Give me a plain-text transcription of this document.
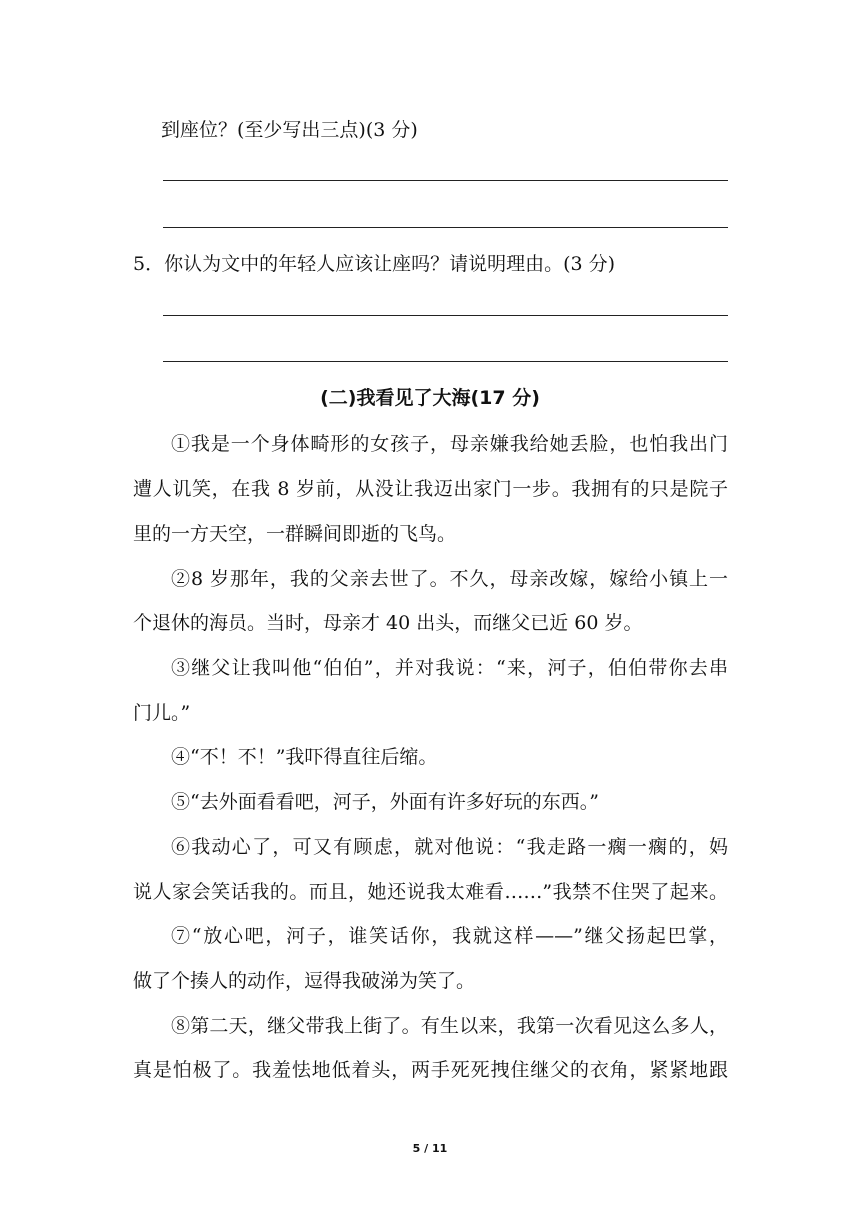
到座位？(至少写出三点)(3 分)
5．你认为文中的年轻人应该让座吗？请说明理由。(3 分)
(二)我看见了大海(17 分)
①我是一个身体畸形的女孩子，母亲嫌我给她丢脸，也怕我出门
遭人讥笑，在我 8 岁前，从没让我迈出家门一步。我拥有的只是院子
里的一方天空，一群瞬间即逝的飞鸟。
②8 岁那年，我的父亲去世了。不久，母亲改嫁，嫁给小镇上一
个退休的海员。当时，母亲才 40 出头，而继父已近 60 岁。
③继父让我叫他“伯伯”，并对我说：“来，河子，伯伯带你去串
门儿。”
④“不！不！”我吓得直往后缩。
⑤“去外面看看吧，河子，外面有许多好玩的东西。”
⑥我动心了，可又有顾虑，就对他说：“我走路一瘸一瘸的，妈
说人家会笑话我的。而且，她还说我太难看……”我禁不住哭了起来。
⑦“放心吧，河子，谁笑话你，我就这样——”继父扬起巴掌，
做了个揍人的动作，逗得我破涕为笑了。
⑧第二天，继父带我上街了。有生以来，我第一次看见这么多人，
真是怕极了。我羞怯地低着头，两手死死拽住继父的衣角，紧紧地跟
5 / 11
